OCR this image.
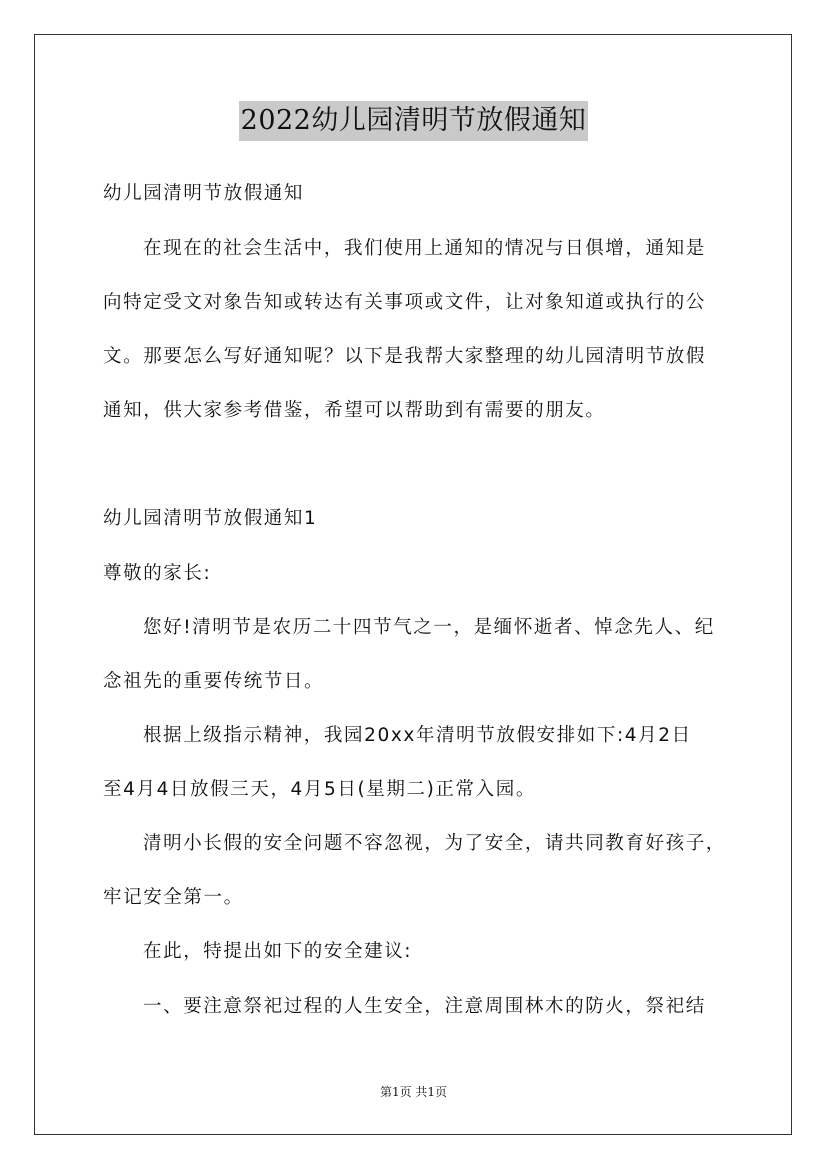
2022幼儿园清明节放假通知
幼儿园清明节放假通知
在现在的社会生活中，我们使用上通知的情况与日俱增，通知是
向特定受文对象告知或转达有关事项或文件，让对象知道或执行的公
文。那要怎么写好通知呢？以下是我帮大家整理的幼儿园清明节放假
通知，供大家参考借鉴，希望可以帮助到有需要的朋友。
幼儿园清明节放假通知1
尊敬的家长:
您好!清明节是农历二十四节气之一，是缅怀逝者、悼念先人、纪
念祖先的重要传统节日。
根据上级指示精神，我园20xx年清明节放假安排如下:4月2日
至4月4日放假三天，4月5日(星期二)正常入园。
清明小长假的安全问题不容忽视，为了安全，请共同教育好孩子，
牢记安全第一。
在此，特提出如下的安全建议:
一、要注意祭祀过程的人生安全，注意周围林木的防火，祭祀结
第1页 共1页
